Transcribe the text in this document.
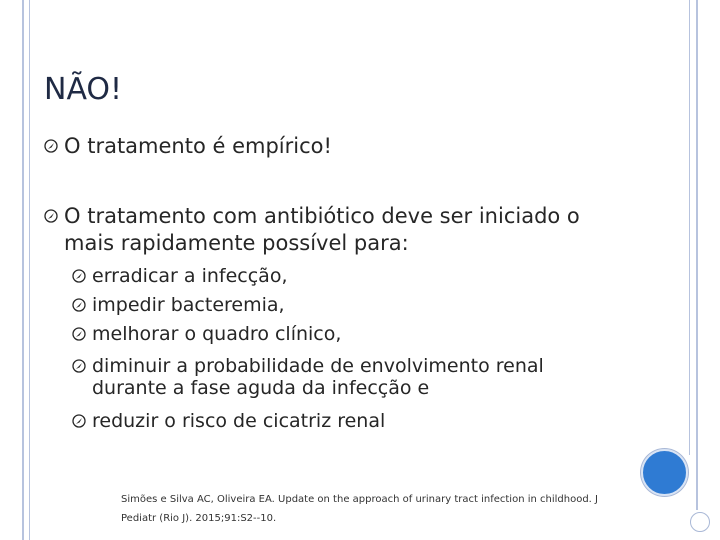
NÃO!
O tratamento é empírico!
O tratamento com antibiótico deve ser iniciado o mais rapidamente possível para:
erradicar a infecção,
impedir bacteremia,
melhorar o quadro clínico,
diminuir a probabilidade de envolvimento renal durante a fase aguda da infecção e
reduzir o risco de cicatriz renal
Simões e Silva AC, Oliveira EA. Update on the approach of urinary tract infection in childhood. J Pediatr (Rio J). 2015;91:S2--10.
